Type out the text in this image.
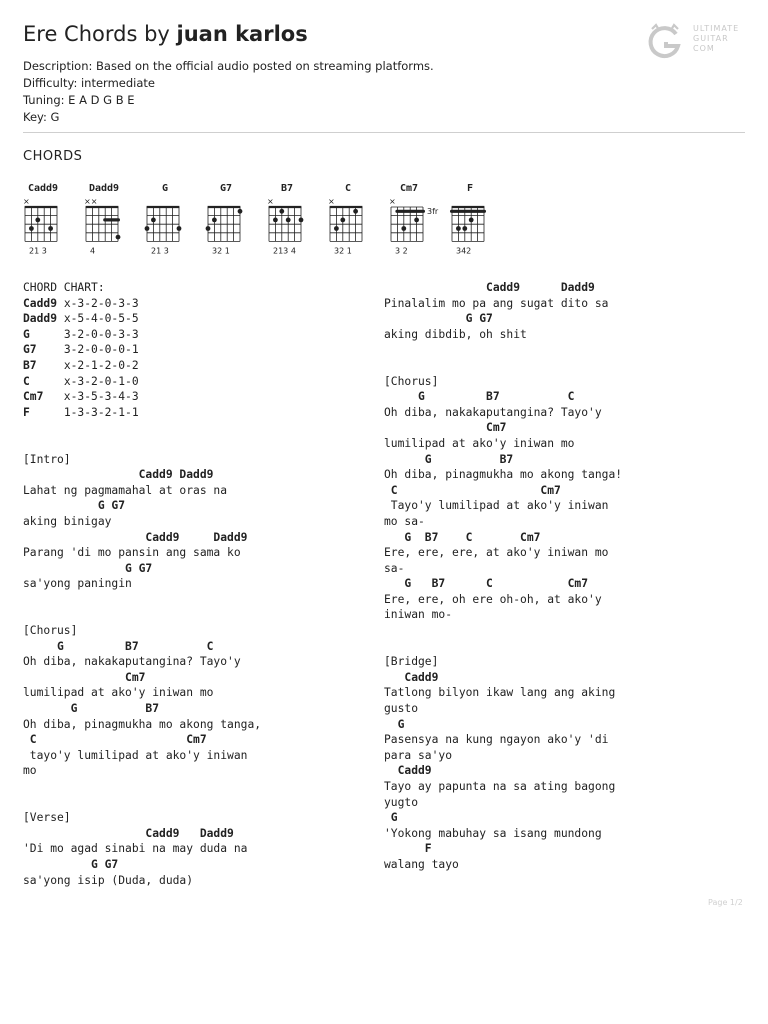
Ere Chords by juan karlos
Description: Based on the official audio posted on streaming platforms.
Difficulty: intermediate
Tuning: E A D G B E
Key: G
ULTIMATE
GUITAR
COM
CHORDS
Cadd9
×
21 3
Dadd9
××
4
G
21 3
G7
32 1
B7
×
213 4
C
×
32 1
Cm7
×
3fr
3 2
F
342
CHORD CHART:
Cadd9 x-3-2-0-3-3
Dadd9 x-5-4-0-5-5
G     3-2-0-0-3-3
G7    3-2-0-0-0-1
B7    x-2-1-2-0-2
C     x-3-2-0-1-0
Cm7   x-3-5-3-4-3
F     1-3-3-2-1-1
[Intro]
Cadd9 Dadd9
Lahat ng pagmamahal at oras na
G G7
aking binigay
Cadd9     Dadd9
Parang 'di mo pansin ang sama ko
G G7
sa'yong paningin
[Chorus]
G         B7          C
Oh diba, nakakaputangina? Tayo'y
Cm7
lumilipad at ako'y iniwan mo
G          B7
Oh diba, pinagmukha mo akong tanga,
C                      Cm7
tayo'y lumilipad at ako'y iniwan
mo
[Verse]
Cadd9   Dadd9
'Di mo agad sinabi na may duda na
G G7
sa'yong isip (Duda, duda)
Cadd9      Dadd9
Pinalalim mo pa ang sugat dito sa
G G7
aking dibdib, oh shit
[Chorus]
G         B7          C
Oh diba, nakakaputangina? Tayo'y
Cm7
lumilipad at ako'y iniwan mo
G          B7
Oh diba, pinagmukha mo akong tanga!
C                     Cm7
Tayo'y lumilipad at ako'y iniwan
mo sa-
G  B7    C       Cm7
Ere, ere, ere, at ako'y iniwan mo
sa-
G   B7      C           Cm7
Ere, ere, oh ere oh-oh, at ako'y
iniwan mo-
[Bridge]
Cadd9
Tatlong bilyon ikaw lang ang aking
gusto
G
Pasensya na kung ngayon ako'y 'di
para sa'yo
Cadd9
Tayo ay papunta na sa ating bagong
yugto
G
'Yokong mabuhay sa isang mundong
F
walang tayo
Page 1/2
